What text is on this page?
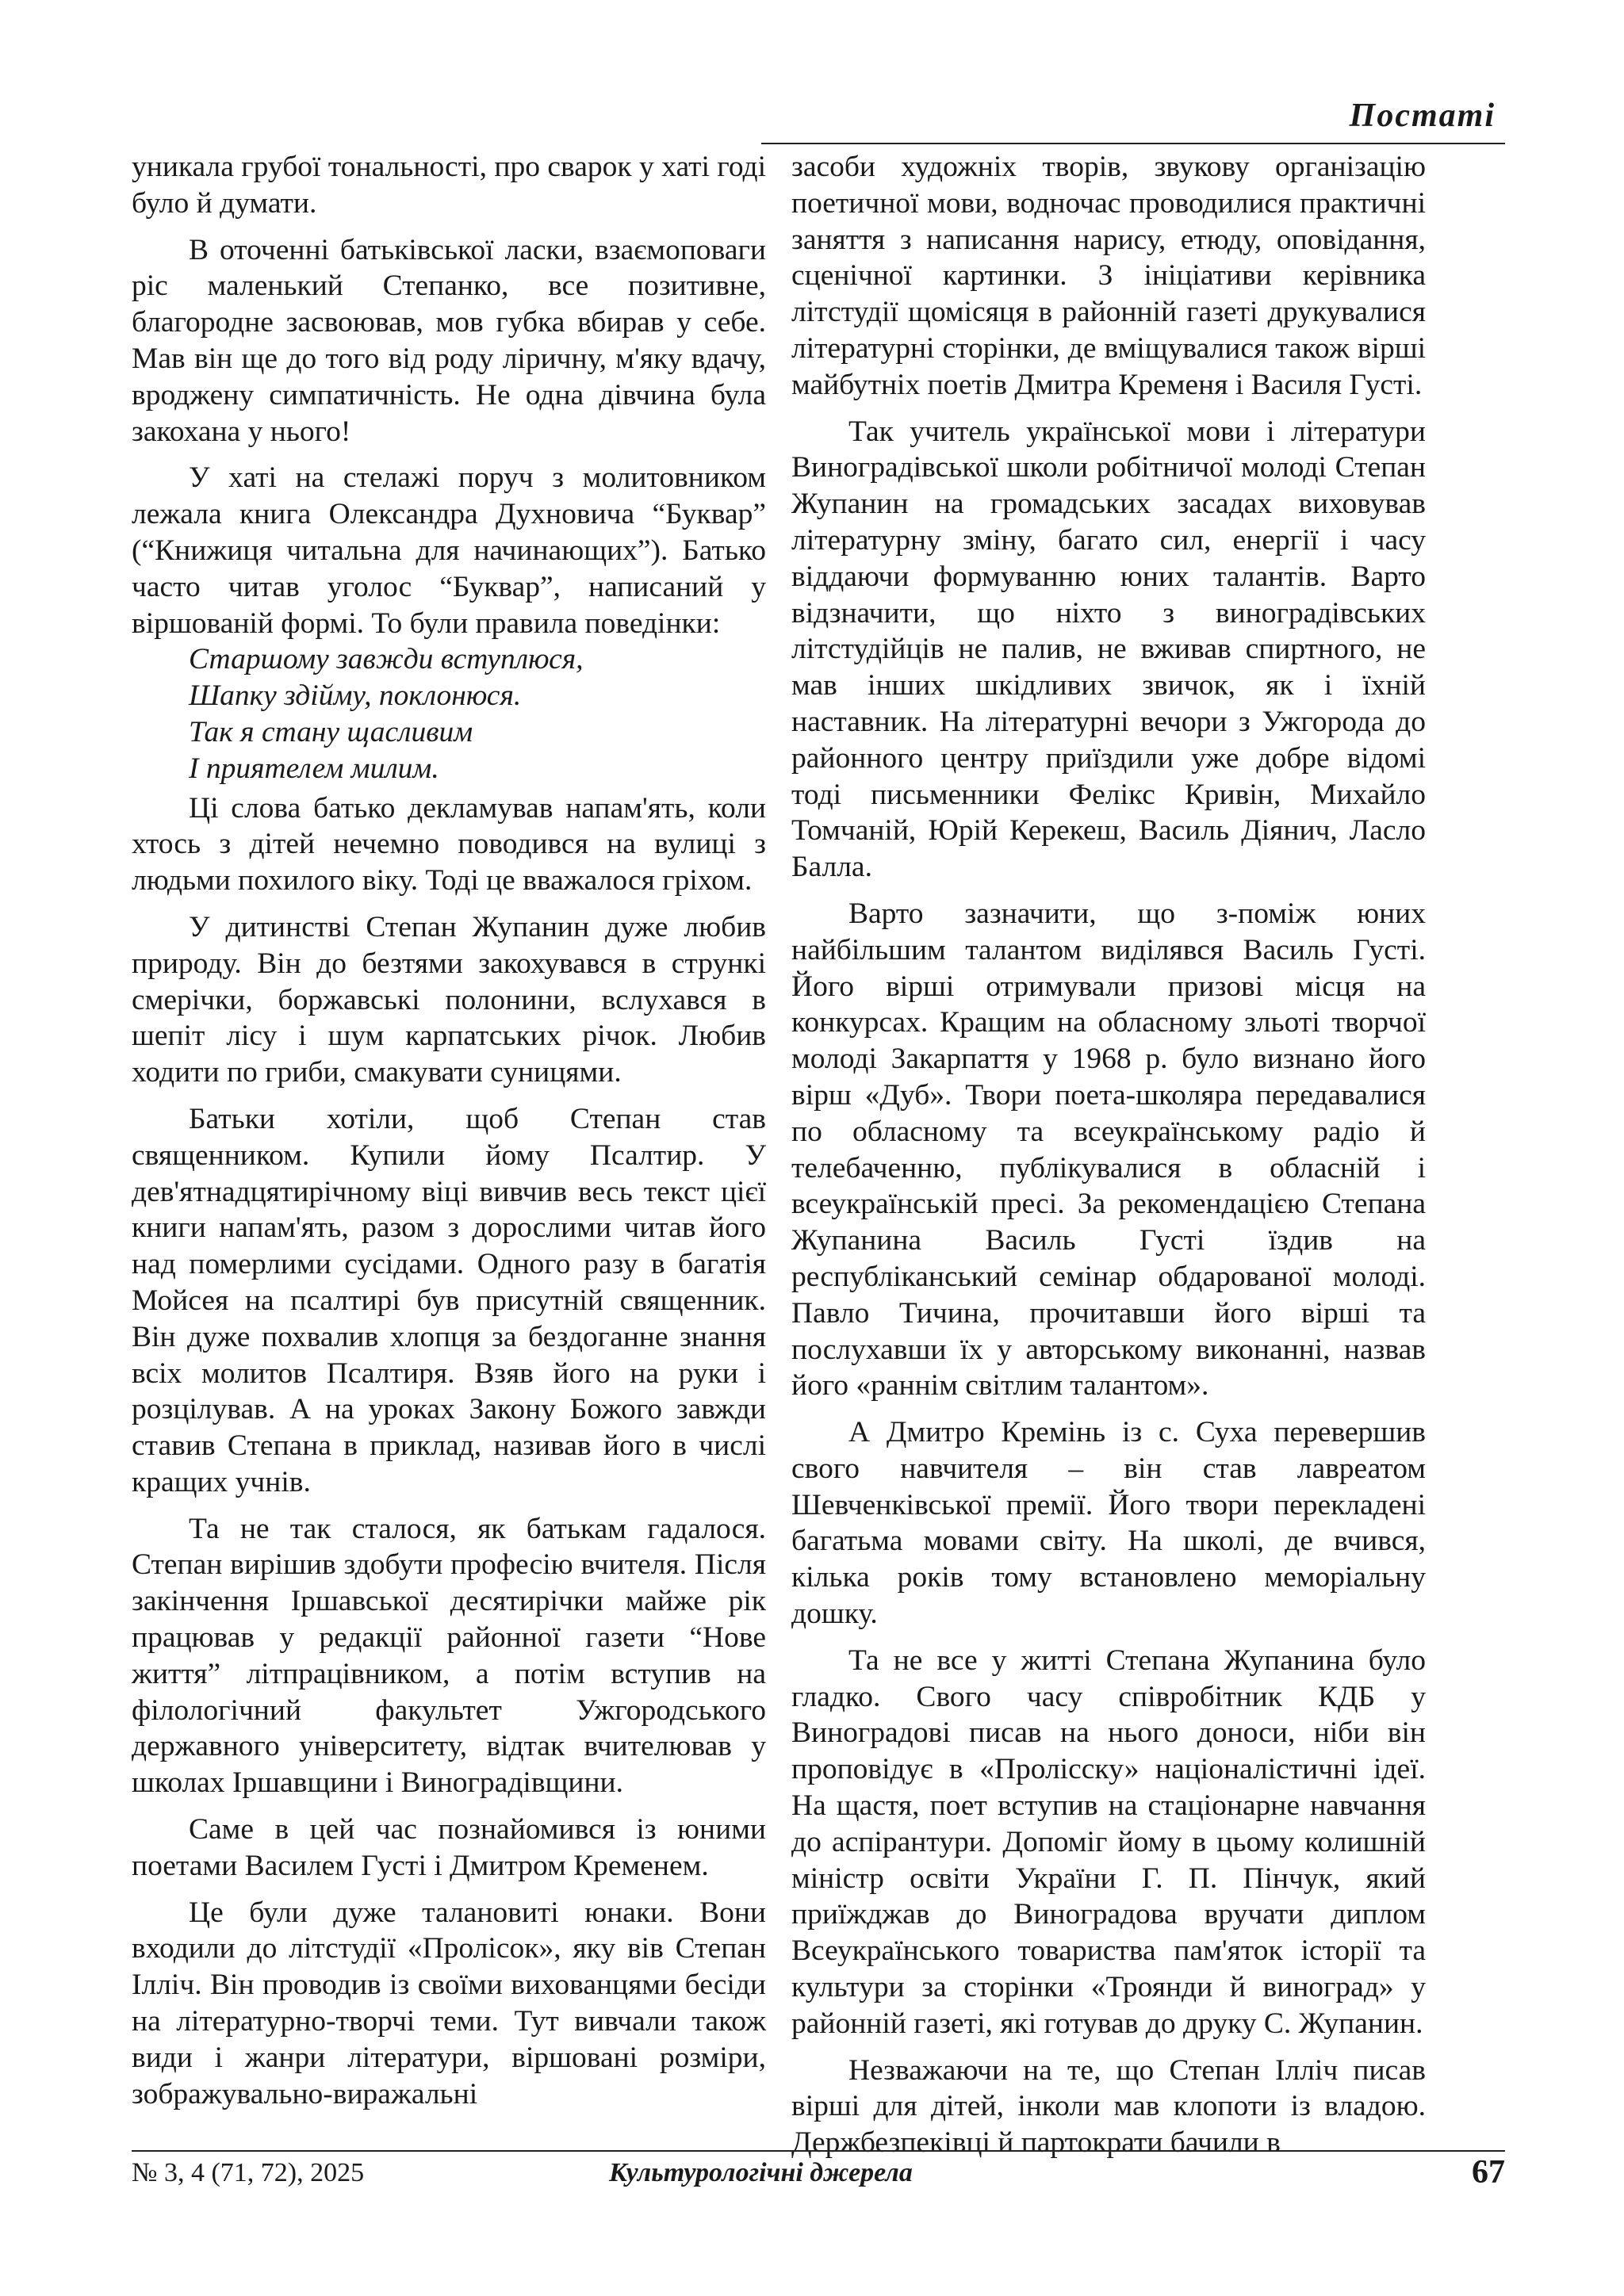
Постаті

уникала грубої тональності, про сварок у хаті годі було й думати.

В оточенні батьківської ласки, взаємоповаги ріс маленький Степанко, все позитивне, благородне засвоював, мов губка вбирав у себе. Мав він ще до того від роду ліричну, м'яку вдачу, вроджену симпатичність. Не одна дівчина була закохана у нього!

У хаті на стелажі поруч з молитовником лежала книга Олександра Духновича “Буквар” (“Книжиця читальна для начинающих”). Батько часто читав уголос “Буквар”, написаний у віршованій формі. То були правила поведінки:

Старшому завжди вступлюся,
Шапку здійму, поклонюся.
Так я стану щасливим
І приятелем милим.

Ці слова батько декламував напам'ять, коли хтось з дітей нечемно поводився на вулиці з людьми похилого віку. Тоді це вважалося гріхом.

У дитинстві Степан Жупанин дуже любив природу. Він до безтями закохувався в стрункі смерічки, боржавські полонини, вслухався в шепіт лісу і шум карпатських річок. Любив ходити по гриби, смакувати суницями.

Батьки хотіли, щоб Степан став священником. Купили йому Псалтир. У дев'ятнадцятирічному віці вивчив весь текст цієї книги напам'ять, разом з дорослими читав його над померлими сусідами. Одного разу в багатія Мойсея на псалтирі був присутній священник. Він дуже похвалив хлопця за бездоганне знання всіх молитов Псалтиря. Взяв його на руки і розцілував. А на уроках Закону Божого завжди ставив Степана в приклад, називав його в числі кращих учнів.

Та не так сталося, як батькам гадалося. Степан вирішив здобути професію вчителя. Після закінчення Іршавської десятирічки майже рік працював у редакції районної газети “Нове життя” літпрацівником, а потім вступив на філологічний факультет Ужгородського державного університету, відтак вчителював у школах Іршавщини і Виноградівщини.

Саме в цей час познайомився із юними поетами Василем Густі і Дмитром Кременем.

Це були дуже талановиті юнаки. Вони входили до літстудії «Пролісок», яку вів Степан Ілліч. Він проводив із своїми вихованцями бесіди на літературно-творчі теми. Тут вивчали також види і жанри літератури, віршовані розміри, зображувально-виражальні

засоби художніх творів, звукову організацію поетичної мови, водночас проводилися практичні заняття з написання нарису, етюду, оповідання, сценічної картинки. З ініціативи керівника літстудії щомісяця в районній газеті друкувалися літературні сторінки, де вміщувалися також вірші майбутніх поетів Дмитра Кременя і Василя Густі.

Так учитель української мови і літератури Виноградівської школи робітничої молоді Степан Жупанин на громадських засадах виховував літературну зміну, багато сил, енергії і часу віддаючи формуванню юних талантів. Варто відзначити, що ніхто з виноградівських літстудійців не палив, не вживав спиртного, не мав інших шкідливих звичок, як і їхній наставник. На літературні вечори з Ужгорода до районного центру приїздили уже добре відомі тоді письменники Фелікс Кривін, Михайло Томчаній, Юрій Керекеш, Василь Діянич, Ласло Балла.

Варто зазначити, що з-поміж юних найбільшим талантом виділявся Василь Густі. Його вірші отримували призові місця на конкурсах. Кращим на обласному зльоті творчої молоді Закарпаття у 1968 р. було визнано його вірш «Дуб». Твори поета-школяра передавалися по обласному та всеукраїнському радіо й телебаченню, публікувалися в обласній і всеукраїнській пресі. За рекомендацією Степана Жупанина Василь Густі їздив на республіканський семінар обдарованої молоді. Павло Тичина, прочитавши його вірші та послухавши їх у авторському виконанні, назвав його «раннім світлим талантом».

А Дмитро Кремінь із с. Суха перевершив свого навчителя – він став лавреатом Шевченківської премії. Його твори перекладені багатьма мовами світу. На школі, де вчився, кілька років тому встановлено меморіальну дошку.

Та не все у житті Степана Жупанина було гладко. Свого часу співробітник КДБ у Виноградові писав на нього доноси, ніби він проповідує в «Пролісску» націоналістичні ідеї. На щастя, поет вступив на стаціонарне навчання до аспірантури. Допоміг йому в цьому колишній міністр освіти України Г. П. Пінчук, який приїжджав до Виноградова вручати диплом Всеукраїнського товариства пам'яток історії та культури за сторінки «Троянди й виноград» у районній газеті, які готував до друку С. Жупанин.

Незважаючи на те, що Степан Ілліч писав вірші для дітей, інколи мав клопоти із владою. Держбезпеківці й партократи бачили в

№ 3, 4 (71, 72), 2025	Культурологічні джерела	67
